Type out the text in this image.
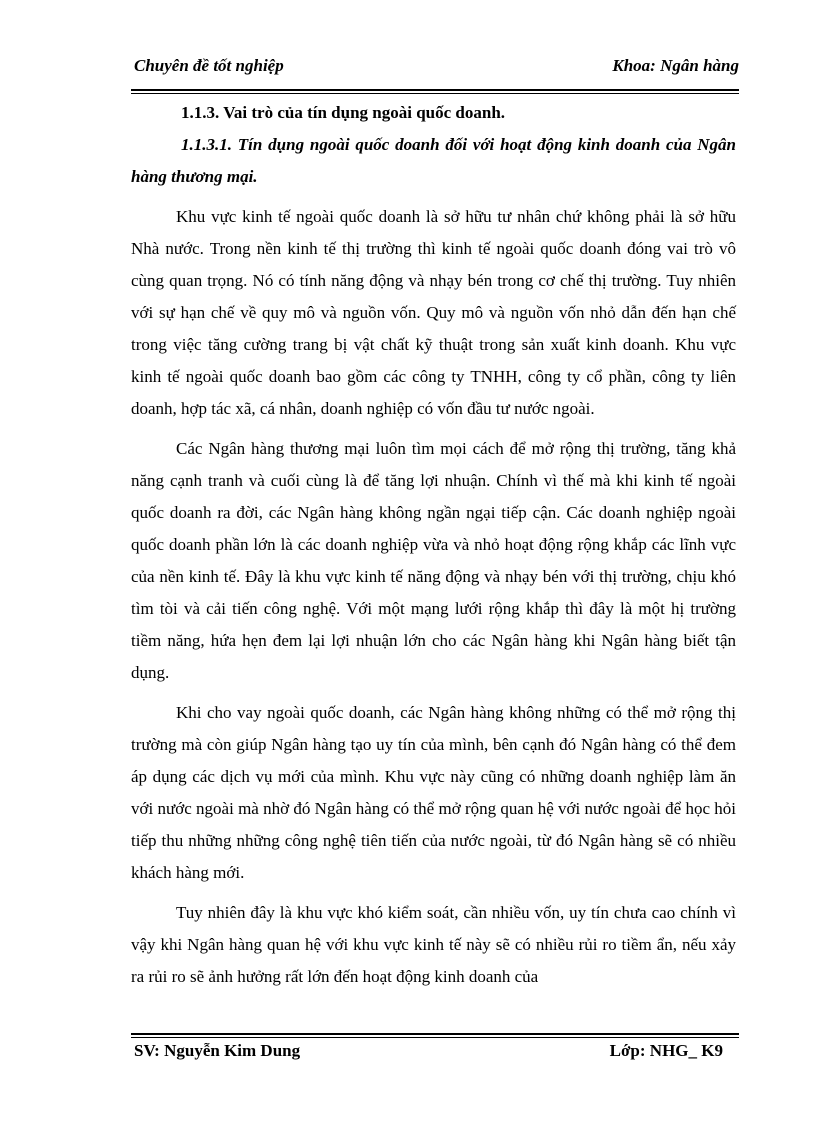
Chuyên đề tốt nghiệp	Khoa: Ngân hàng

1.1.3. Vai trò của tín dụng ngoài quốc doanh.

1.1.3.1. Tín dụng ngoài quốc doanh đối với hoạt động kinh doanh của Ngân hàng thương mại.

Khu vực kinh tế ngoài quốc doanh là sở hữu tư nhân chứ không phải là sở hữu Nhà nước. Trong nền kinh tế thị trường thì kinh tế ngoài quốc doanh đóng vai trò vô cùng quan trọng. Nó có tính năng động và nhạy bén trong cơ chế thị trường. Tuy nhiên với sự hạn chế về quy mô và nguồn vốn. Quy mô và nguồn vốn nhỏ dẫn đến hạn chế trong việc tăng cường trang bị vật chất kỹ thuật trong sản xuất kinh doanh. Khu vực kinh tế ngoài quốc doanh bao gồm các công ty TNHH, công ty cổ phần, công ty liên doanh, hợp tác xã, cá nhân, doanh nghiệp có vốn đầu tư nước ngoài.

Các Ngân hàng thương mại luôn tìm mọi cách để mở rộng thị trường, tăng khả năng cạnh tranh và cuối cùng là để tăng lợi nhuận. Chính vì thế mà khi kinh tế ngoài quốc doanh ra đời, các Ngân hàng không ngần ngại tiếp cận. Các doanh nghiệp ngoài quốc doanh phần lớn là các doanh nghiệp vừa và nhỏ hoạt động rộng khắp các lĩnh vực của nền kinh tế. Đây là khu vực kinh tế năng động và nhạy bén với thị trường, chịu khó tìm tòi và cải tiến công nghệ. Với một mạng lưới rộng khắp thì đây là một hị trường tiềm năng, hứa hẹn đem lại lợi nhuận lớn cho các Ngân hàng khi Ngân hàng biết tận dụng.

Khi cho vay ngoài quốc doanh, các Ngân hàng không những có thể mở rộng thị trường mà còn giúp Ngân hàng tạo uy tín của mình, bên cạnh đó Ngân hàng có thể đem áp dụng các dịch vụ mới của mình. Khu vực này cũng có những doanh nghiệp làm ăn với nước ngoài mà nhờ đó Ngân hàng có thể mở rộng quan hệ với nước ngoài để học hỏi tiếp thu những những công nghệ tiên tiến của nước ngoài, từ đó Ngân hàng sẽ có nhiều khách hàng mới.

Tuy nhiên đây là khu vực khó kiểm soát, cần nhiều vốn, uy tín chưa cao chính vì vậy khi Ngân hàng quan hệ với khu vực kinh tế này sẽ có nhiều rủi ro tiềm ẩn, nếu xảy ra rủi ro sẽ ảnh hưởng rất lớn đến hoạt động kinh doanh của

SV: Nguyễn Kim Dung	Lớp: NHG_ K9
